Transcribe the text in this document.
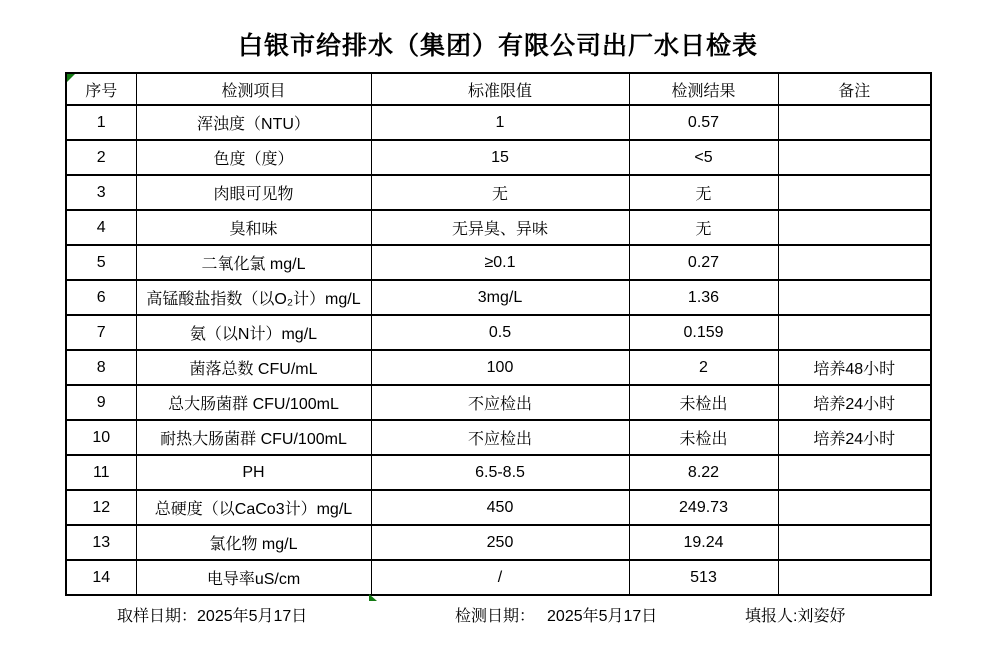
白银市给排水（集团）有限公司出厂水日检表
序号	检测项目	标准限值	检测结果	备注
1	浑浊度（NTU）	1	0.57	
2	色度（度）	15	<5	
3	肉眼可见物	无	无	
4	臭和味	无异臭、异味	无	
5	二氧化氯 mg/L	≥0.1	0.27	
6	高锰酸盐指数（以O₂计）mg/L	3mg/L	1.36	
7	氨（以N计）mg/L	0.5	0.159	
8	菌落总数 CFU/mL	100	2	培养48小时
9	总大肠菌群 CFU/100mL	不应检出	未检出	培养24小时
10	耐热大肠菌群 CFU/100mL	不应检出	未检出	培养24小时
11	PH	6.5-8.5	8.22	
12	总硬度（以CaCo3计）mg/L	450	249.73	
13	氯化物 mg/L	250	19.24	
14	电导率uS/cm	/	513	
取样日期：2025年5月17日	检测日期： 2025年5月17日	填报人:刘姿妤
